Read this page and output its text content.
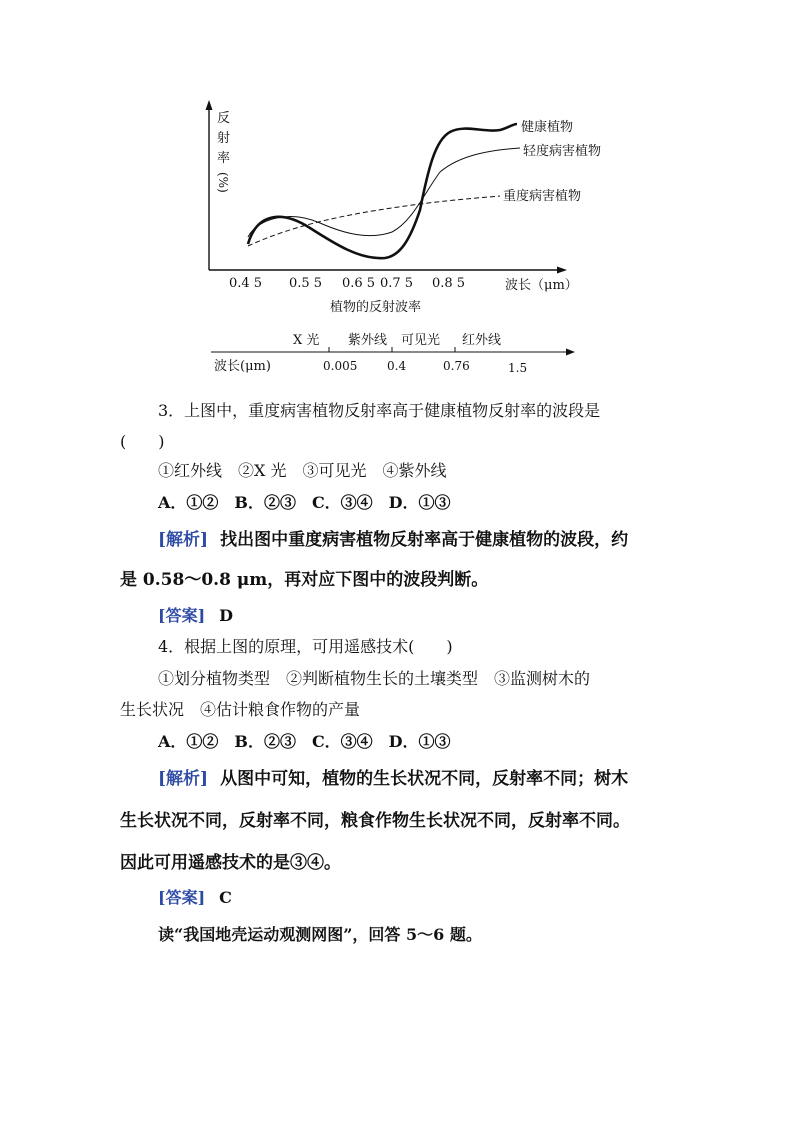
反
射
率
(%)
健康植物
轻度病害植物
重度病害植物
0.4 5 0.5 5 0.6 5 0.7 5 0.8 5	波长（μm）
植物的反射波率
X 光 紫外线 可见光 红外线
波长(μm)	0.005 0.4	0.76	1.5
3．上图中，重度病害植物反射率高于健康植物反射率的波段是
(　　)
①红外线　②X 光　③可见光　④紫外线
A．①②　B．②③　C．③④　D．①③
[解析] 找出图中重度病害植物反射率高于健康植物的波段，约
是 0.58～0.8 μm，再对应下图中的波段判断。
[答案] D
4．根据上图的原理，可用遥感技术(　　)
①划分植物类型　②判断植物生长的土壤类型　③监测树木的
生长状况　④估计粮食作物的产量
A．①②　B．②③　C．③④　D．①③
[解析] 从图中可知，植物的生长状况不同，反射率不同；树木
生长状况不同，反射率不同，粮食作物生长状况不同，反射率不同。
因此可用遥感技术的是③④。
[答案] C
读“我国地壳运动观测网图”，回答 5～6 题。
